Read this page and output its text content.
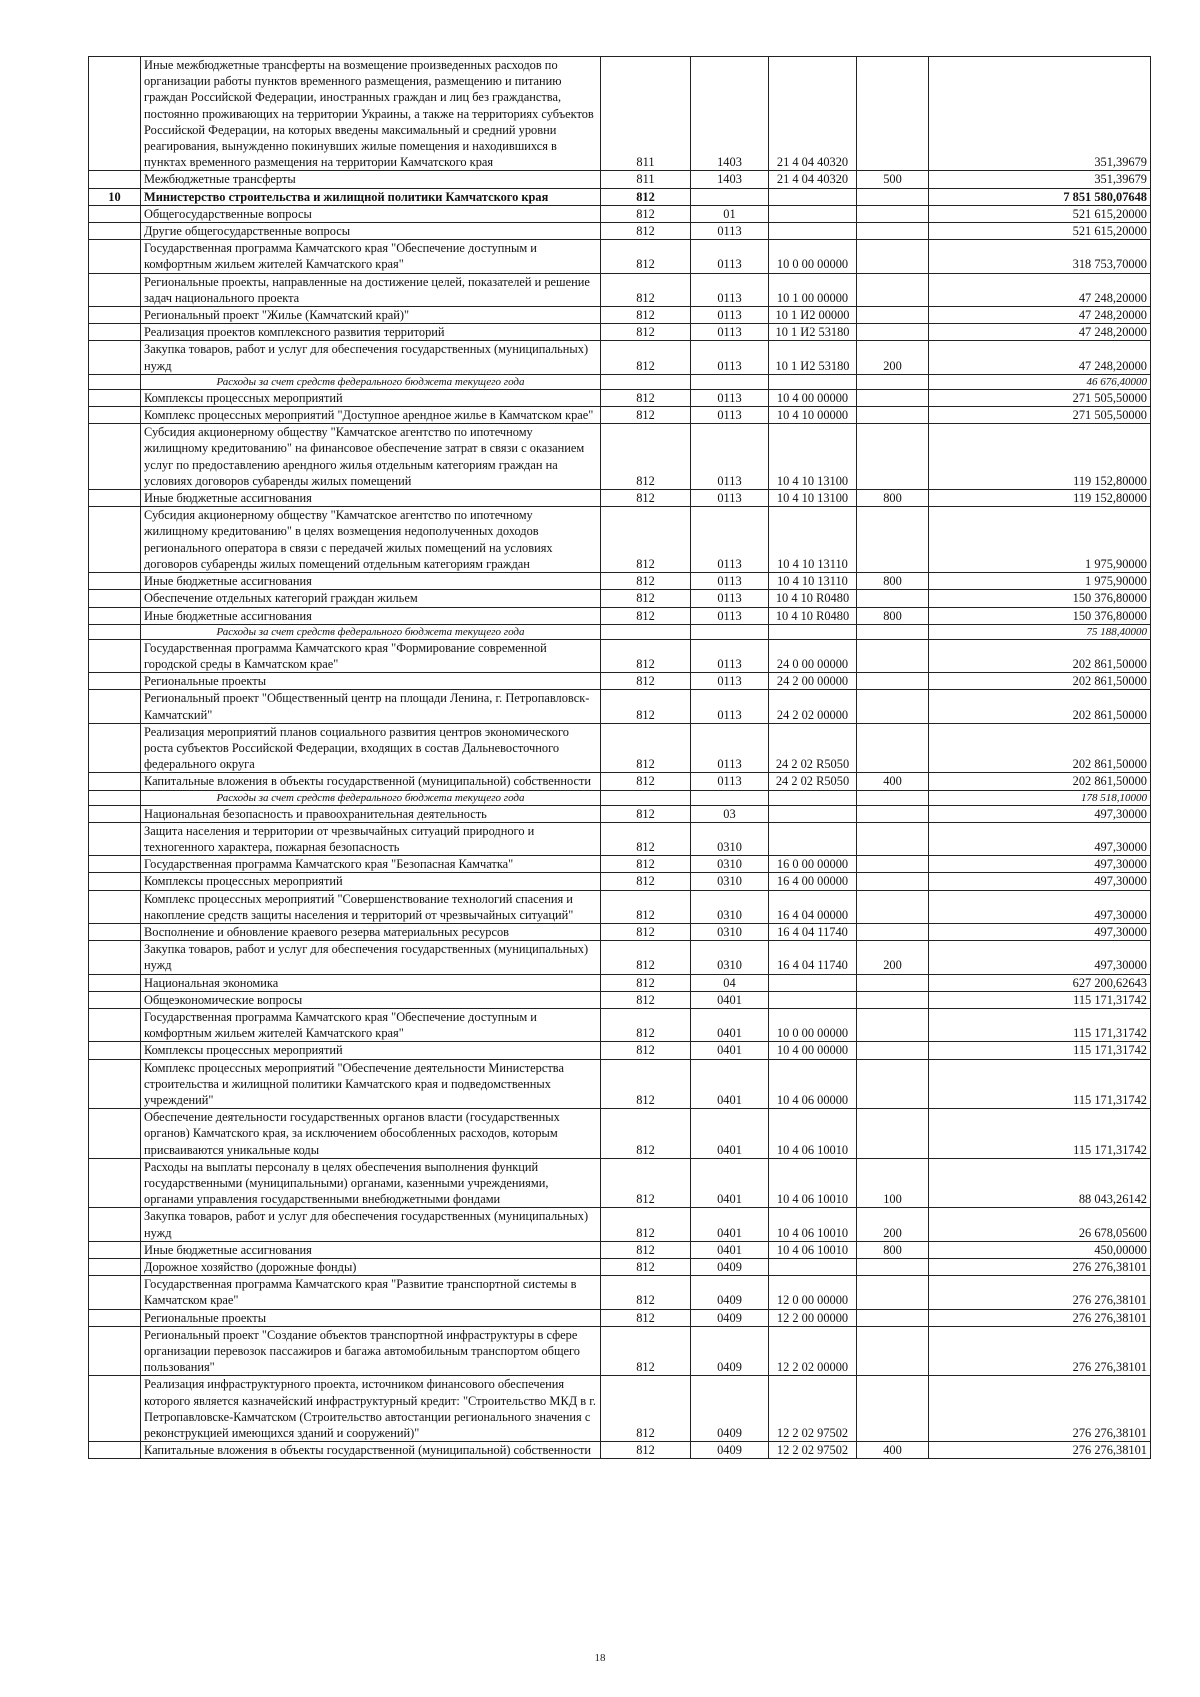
	Иные межбюджетные трансферты на возмещение произведенных расходов по организации работы пунктов временного размещения, размещению и питанию граждан Российской Федерации, иностранных граждан и лиц без гражданства, постоянно проживающих на территории Украины, а также на территориях субъектов Российской Федерации, на которых введены максимальный и средний уровни реагирования, вынужденно покинувших жилые помещения и находившихся в пунктах временного размещения на территории Камчатского края	811	1403	21 4 04 40320		351,39679
	Межбюджетные трансферты	811	1403	21 4 04 40320	500	351,39679
10	Министерство строительства и жилищной политики Камчатского края	812				7 851 580,07648
	Общегосударственные вопросы	812	01			521 615,20000
	Другие общегосударственные вопросы	812	0113			521 615,20000
	Государственная программа Камчатского края "Обеспечение доступным и комфортным жильем жителей Камчатского края"	812	0113	10 0 00 00000		318 753,70000
	Региональные проекты, направленные на достижение целей, показателей и решение задач национального проекта	812	0113	10 1 00 00000		47 248,20000
	Региональный проект "Жилье (Камчатский край)"	812	0113	10 1 И2 00000		47 248,20000
	Реализация проектов комплексного развития территорий	812	0113	10 1 И2 53180		47 248,20000
	Закупка товаров, работ и услуг для обеспечения государственных (муниципальных) нужд	812	0113	10 1 И2 53180	200	47 248,20000
	Расходы за счет средств федерального бюджета текущего года					46 676,40000
	Комплексы процессных мероприятий	812	0113	10 4 00 00000		271 505,50000
	Комплекс процессных мероприятий "Доступное арендное жилье в Камчатском крае"	812	0113	10 4 10 00000		271 505,50000
	Субсидия акционерному обществу "Камчатское агентство по ипотечному жилищному кредитованию" на финансовое обеспечение затрат в связи с оказанием услуг по предоставлению арендного жилья отдельным категориям граждан на условиях договоров субаренды жилых помещений	812	0113	10 4 10 13100		119 152,80000
	Иные бюджетные ассигнования	812	0113	10 4 10 13100	800	119 152,80000
	Субсидия акционерному обществу "Камчатское агентство по ипотечному жилищному кредитованию" в целях возмещения недополученных доходов регионального оператора в связи с передачей жилых помещений на условиях договоров субаренды жилых помещений отдельным категориям граждан	812	0113	10 4 10 13110		1 975,90000
	Иные бюджетные ассигнования	812	0113	10 4 10 13110	800	1 975,90000
	Обеспечение отдельных категорий граждан жильем	812	0113	10 4 10 R0480		150 376,80000
	Иные бюджетные ассигнования	812	0113	10 4 10 R0480	800	150 376,80000
	Расходы за счет средств федерального бюджета текущего года					75 188,40000
	Государственная программа Камчатского края "Формирование современной городской среды в Камчатском крае"	812	0113	24 0 00 00000		202 861,50000
	Региональные проекты	812	0113	24 2 00 00000		202 861,50000
	Региональный проект "Общественный центр на площади Ленина, г. Петропавловск-Камчатский"	812	0113	24 2 02 00000		202 861,50000
	Реализация мероприятий планов социального развития центров экономического роста субъектов Российской Федерации, входящих в состав Дальневосточного федерального округа	812	0113	24 2 02 R5050		202 861,50000
	Капитальные вложения в объекты государственной (муниципальной) собственности	812	0113	24 2 02 R5050	400	202 861,50000
	Расходы за счет средств федерального бюджета текущего года					178 518,10000
	Национальная безопасность и правоохранительная деятельность	812	03			497,30000
	Защита населения и территории от чрезвычайных ситуаций природного и техногенного характера, пожарная безопасность	812	0310			497,30000
	Государственная программа Камчатского края "Безопасная Камчатка"	812	0310	16 0 00 00000		497,30000
	Комплексы процессных мероприятий	812	0310	16 4 00 00000		497,30000
	Комплекс процессных мероприятий "Совершенствование технологий спасения и накопление средств защиты населения и территорий от чрезвычайных ситуаций"	812	0310	16 4 04 00000		497,30000
	Восполнение и обновление краевого резерва материальных ресурсов	812	0310	16 4 04 11740		497,30000
	Закупка товаров, работ и услуг для обеспечения государственных (муниципальных) нужд	812	0310	16 4 04 11740	200	497,30000
	Национальная экономика	812	04			627 200,62643
	Общеэкономические вопросы	812	0401			115 171,31742
	Государственная программа Камчатского края "Обеспечение доступным и комфортным жильем жителей Камчатского края"	812	0401	10 0 00 00000		115 171,31742
	Комплексы процессных мероприятий	812	0401	10 4 00 00000		115 171,31742
	Комплекс процессных мероприятий "Обеспечение деятельности Министерства строительства и жилищной политики Камчатского края и подведомственных учреждений"	812	0401	10 4 06 00000		115 171,31742
	Обеспечение деятельности государственных органов власти (государственных органов) Камчатского края, за исключением обособленных расходов, которым присваиваются уникальные коды	812	0401	10 4 06 10010		115 171,31742
	Расходы на выплаты персоналу в целях обеспечения выполнения функций государственными (муниципальными) органами, казенными учреждениями, органами управления государственными внебюджетными фондами	812	0401	10 4 06 10010	100	88 043,26142
	Закупка товаров, работ и услуг для обеспечения государственных (муниципальных) нужд	812	0401	10 4 06 10010	200	26 678,05600
	Иные бюджетные ассигнования	812	0401	10 4 06 10010	800	450,00000
	Дорожное хозяйство (дорожные фонды)	812	0409			276 276,38101
	Государственная программа Камчатского края "Развитие транспортной системы в Камчатском крае"	812	0409	12 0 00 00000		276 276,38101
	Региональные проекты	812	0409	12 2 00 00000		276 276,38101
	Региональный проект "Создание объектов транспортной инфраструктуры в сфере организации перевозок пассажиров и багажа автомобильным транспортом общего пользования"	812	0409	12 2 02 00000		276 276,38101
	Реализация инфраструктурного проекта, источником финансового обеспечения которого является казначейский инфраструктурный кредит: "Строительство МКД в г. Петропавловске-Камчатском (Строительство автостанции регионального значения с реконструкцией имеющихся зданий и сооружений)"	812	0409	12 2 02 97502		276 276,38101
	Капитальные вложения в объекты государственной (муниципальной) собственности	812	0409	12 2 02 97502	400	276 276,38101
18
